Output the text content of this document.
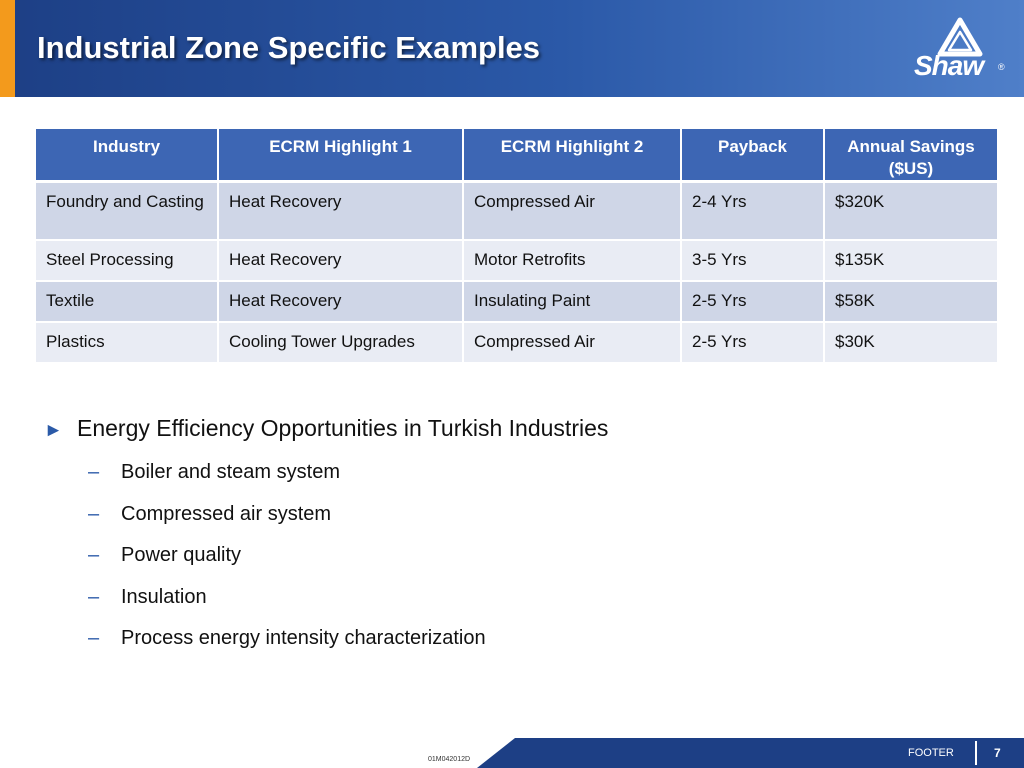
Industrial Zone Specific Examples
Shaw ®
Industry	ECRM Highlight 1	ECRM Highlight 2	Payback	Annual Savings ($US)
Foundry and Casting	Heat Recovery	Compressed Air	2-4 Yrs	$320K
Steel Processing	Heat Recovery	Motor Retrofits	3-5 Yrs	$135K
Textile	Heat Recovery	Insulating Paint	2-5 Yrs	$58K
Plastics	Cooling Tower Upgrades	Compressed Air	2-5 Yrs	$30K
► Energy Efficiency Opportunities in Turkish Industries
– Boiler and steam system
– Compressed air system
– Power quality
– Insulation
– Process energy intensity characterization
01M042012D
FOOTER	7
